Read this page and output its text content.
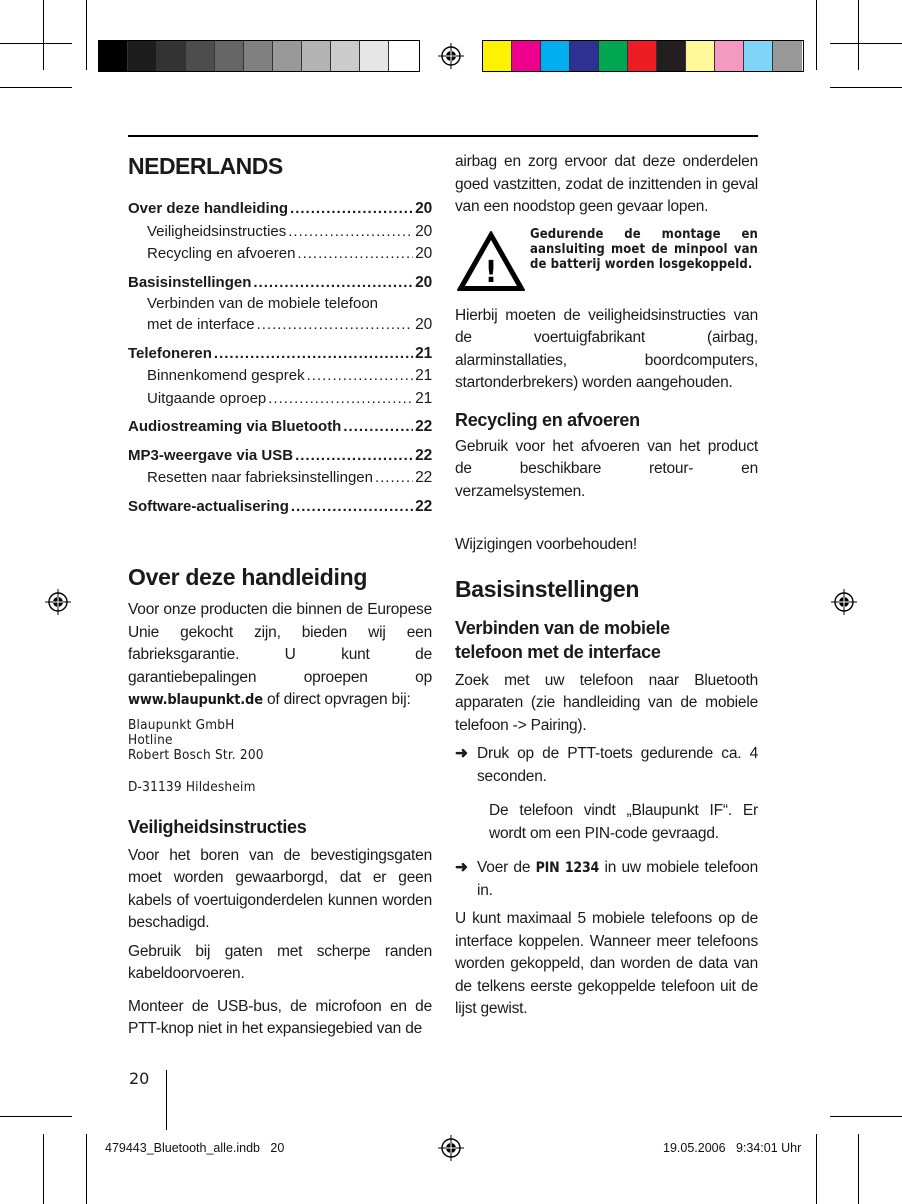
NEDERLANDS
Over deze handleiding .....	20
Veiligheidsinstructies .....	20
Recycling en afvoeren .....	20
Basisinstellingen .....	20
Verbinden van de mobiele telefoon
met de interface .....	20
Telefoneren .....	21
Binnenkomend gesprek .....	21
Uitgaande oproep .....	21
Audiostreaming via Bluetooth .....	22
MP3-weergave via USB .....	22
Resetten naar fabrieksinstellingen .....	22
Software-actualisering .....	22
Over deze handleiding

Voor onze producten die binnen de Europese Unie gekocht zijn, bieden wij een fabrieksgarantie. U kunt de garantiebepalingen oproepen op www.blaupunkt.de of direct opvragen bij:

Blaupunkt GmbH
Hotline
Robert Bosch Str. 200
D-31139 Hildesheim
Veiligheidsinstructies

Voor het boren van de bevestigingsgaten moet worden gewaarborgd, dat er geen kabels of voertuigonderdelen kunnen worden beschadigd.

Gebruik bij gaten met scherpe randen kabeldoorvoeren.

Monteer de USB-bus, de microfoon en de PTT-knop niet in het expansiegebied van de

airbag en zorg ervoor dat deze onderdelen goed vastzitten, zodat de inzittenden in geval van een noodstop geen gevaar lopen.

!
Gedurende de montage en aansluiting moet de minpool van de batterij worden losgekoppeld.

Hierbij moeten de veiligheidsinstructies van de voertuigfabrikant (airbag, alarminstallaties, boordcomputers, startonderbrekers) worden aangehouden.

Recycling en afvoeren

Gebruik voor het afvoeren van het product de beschikbare retour- en verzamelsystemen.

Wijzigingen voorbehouden!

Basisinstellingen
Verbinden van de mobiele
telefoon met de interface

Zoek met uw telefoon naar Bluetooth apparaten (zie handleiding van de mobiele telefoon -> Pairing).

➜ Druk op de PTT-toets gedurende ca. 4 seconden.

De telefoon vindt „Blaupunkt IF“. Er wordt om een PIN-code gevraagd.

➜ Voer de PIN 1234 in uw mobiele telefoon in.

U kunt maximaal 5 mobiele telefoons op de interface koppelen. Wanneer meer telefoons worden gekoppeld, dan worden de data van de telkens eerste gekoppelde telefoon uit de lijst gewist.

20
479443_Bluetooth_alle.indb 20	19.05.2006   9:34:01 Uhr
